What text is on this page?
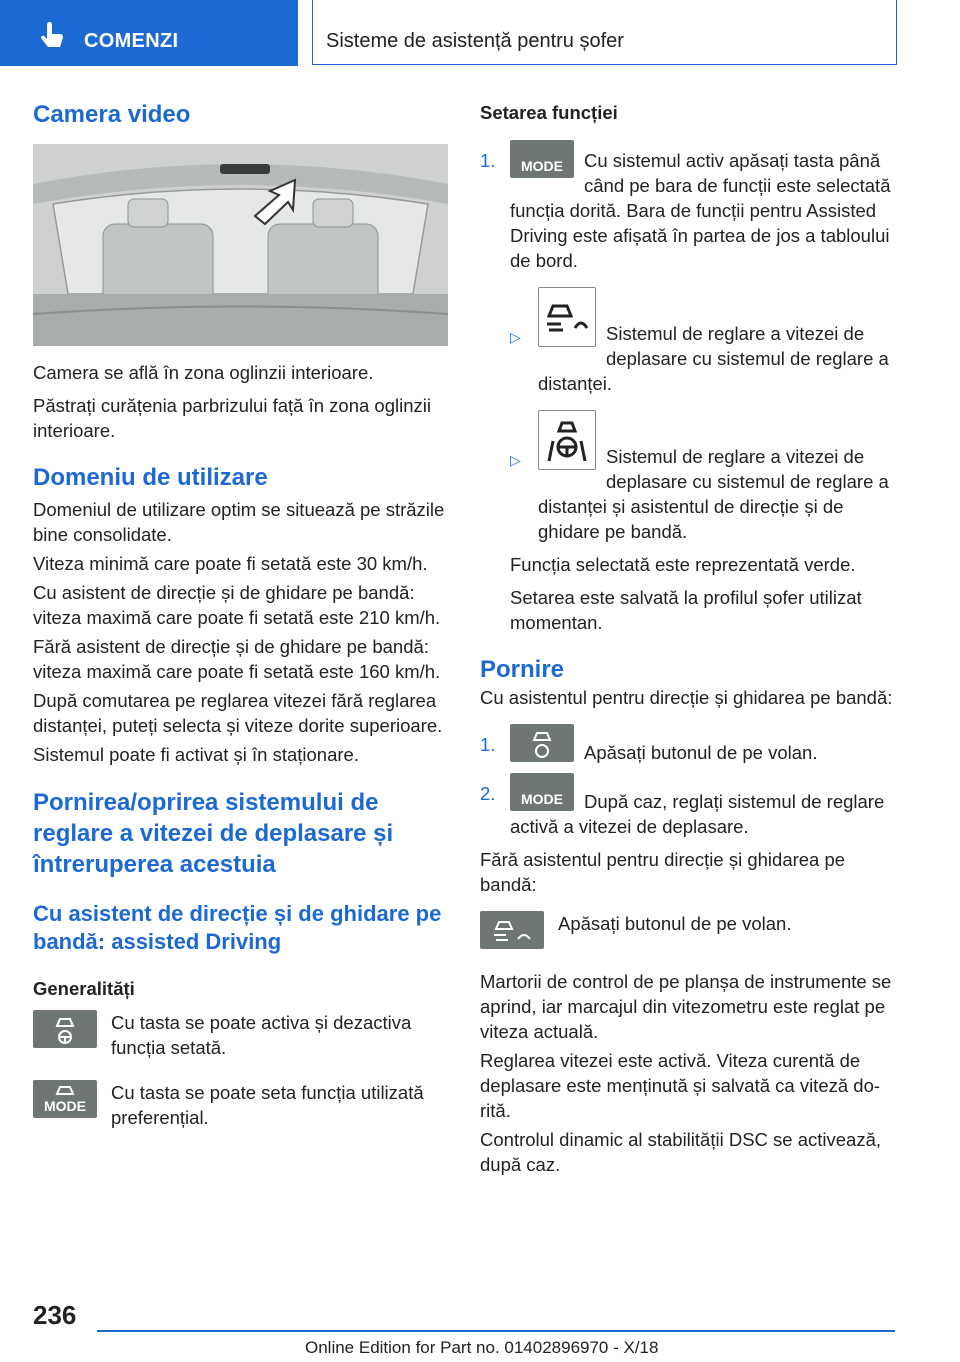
COMENZI	Sisteme de asistență pentru șofer
Camera video

Camera se află în zona oglinzii interioare.

Păstrați curățenia parbrizului față în zona oglinzii interioare.

Domeniu de utilizare

Domeniul de utilizare optim se situează pe străzile bine consolidate.

Viteza minimă care poate fi setată este 30 km/h.

Cu asistent de direcție și de ghidare pe bandă: viteza maximă care poate fi setată este 210 km/h.

Fără asistent de direcție și de ghidare pe bandă: viteza maximă care poate fi setată este 160 km/h.

După comutarea pe reglarea vitezei fără reglarea distanței, puteți selecta și viteze dorite superioare.

Sistemul poate fi activat și în staționare.

Pornirea/oprirea sistemului de reglare a vitezei de deplasare și întreruperea acestuia
Cu asistent de direcție și de ghidare pe bandă: assisted Driving
Generalități

Cu tasta se poate activa și dezactiva funcția setată.

MODE

Cu tasta se poate seta funcția utilizată preferențial.

Setarea funcției
1.	MODE	Cu sistemul activ apăsați tasta până când pe bara de funcții este selectată funcția dorită. Bara de funcții pentru Assisted Driving este afișată în partea de jos a tabloului de bord.

▷	Sistemul de reglare a vitezei de deplasare cu sistemul de reglare a distanței.

▷	Sistemul de reglare a vitezei de deplasare cu sistemul de reglare a distanței și asistentul de direcție și de ghidare pe bandă.

Funcția selectată este reprezentată verde.

Setarea este salvată la profilul șofer utilizat momentan.

Pornire

Cu asistentul pentru direcție și ghidarea pe bandă:

1.	Apăsați butonul de pe volan.

2.	MODE	După caz, reglați sistemul de reglare activă a vitezei de deplasare.

Fără asistentul pentru direcție și ghidarea pe bandă:

Apăsați butonul de pe volan.

Martorii de control de pe planșa de instrumente se aprind, iar marcajul din vitezometru este reglat pe viteza actuală.

Reglarea vitezei este activă. Viteza curentă de deplasare este menținută și salvată ca viteză dorită.

Controlul dinamic al stabilității DSC se activează, după caz.

236
Online Edition for Part no. 01402896970 - X/18
